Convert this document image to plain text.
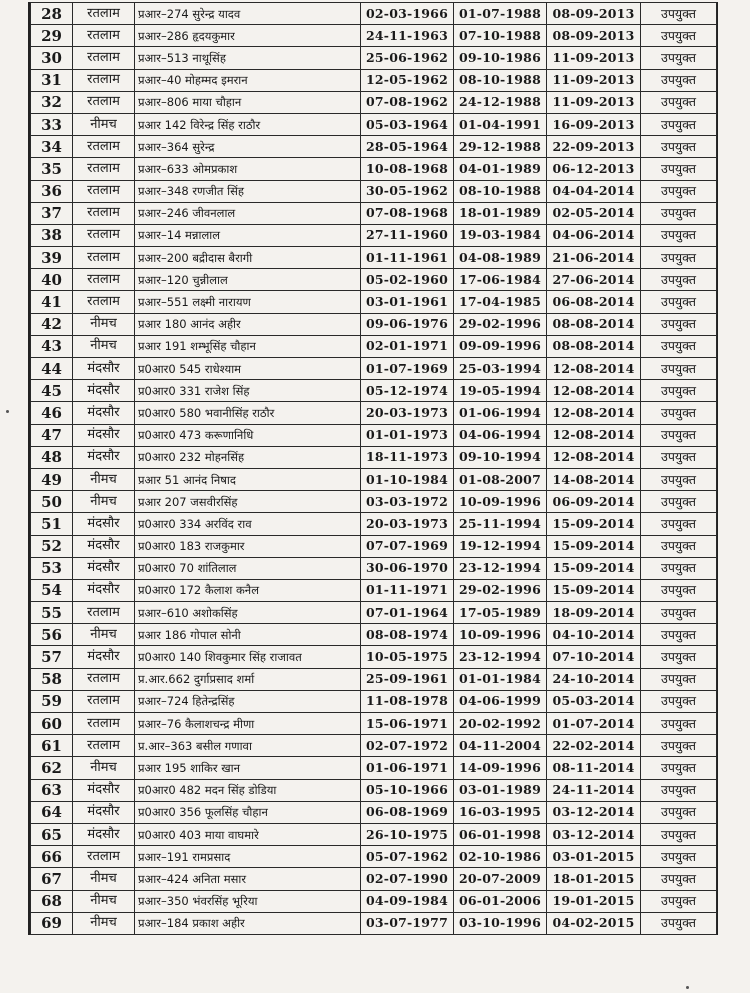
28	रतलाम	प्रआर–274 सुरेन्द्र यादव	02-03-1966	01-07-1988	08-09-2013	उपयुक्त
29	रतलाम	प्रआर–286 हृदयकुमार	24-11-1963	07-10-1988	08-09-2013	उपयुक्त
30	रतलाम	प्रआर–513 नाथूसिंह	25-06-1962	09-10-1986	11-09-2013	उपयुक्त
31	रतलाम	प्रआर–40 मोहम्मद इमरान	12-05-1962	08-10-1988	11-09-2013	उपयुक्त
32	रतलाम	प्रआर–806 माया चौहान	07-08-1962	24-12-1988	11-09-2013	उपयुक्त
33	नीमच	प्रआर 142 विरेन्द्र सिंह राठौर	05-03-1964	01-04-1991	16-09-2013	उपयुक्त
34	रतलाम	प्रआर–364 सुरेन्द्र	28-05-1964	29-12-1988	22-09-2013	उपयुक्त
35	रतलाम	प्रआर–633 ओमप्रकाश	10-08-1968	04-01-1989	06-12-2013	उपयुक्त
36	रतलाम	प्रआर–348 रणजीत सिंह	30-05-1962	08-10-1988	04-04-2014	उपयुक्त
37	रतलाम	प्रआर–246 जीवनलाल	07-08-1968	18-01-1989	02-05-2014	उपयुक्त
38	रतलाम	प्रआर–14 मन्नालाल	27-11-1960	19-03-1984	04-06-2014	उपयुक्त
39	रतलाम	प्रआर–200 बद्रीदास बैरागी	01-11-1961	04-08-1989	21-06-2014	उपयुक्त
40	रतलाम	प्रआर–120 चुन्नीलाल	05-02-1960	17-06-1984	27-06-2014	उपयुक्त
41	रतलाम	प्रआर–551 लक्ष्मी नारायण	03-01-1961	17-04-1985	06-08-2014	उपयुक्त
42	नीमच	प्रआर 180 आनंद अहीर	09-06-1976	29-02-1996	08-08-2014	उपयुक्त
43	नीमच	प्रआर 191 शम्भूसिंह चौहान	02-01-1971	09-09-1996	08-08-2014	उपयुक्त
44	मंदसौर	प्र0आर0 545 राधेश्याम	01-07-1969	25-03-1994	12-08-2014	उपयुक्त
45	मंदसौर	प्र0आर0 331 राजेश सिंह	05-12-1974	19-05-1994	12-08-2014	उपयुक्त
46	मंदसौर	प्र0आर0 580 भवानीसिंह राठौर	20-03-1973	01-06-1994	12-08-2014	उपयुक्त
47	मंदसौर	प्र0आर0 473 करूणानिधि	01-01-1973	04-06-1994	12-08-2014	उपयुक्त
48	मंदसौर	प्र0आर0 232 मोहनसिंह	18-11-1973	09-10-1994	12-08-2014	उपयुक्त
49	नीमच	प्रआर 51 आनंद निषाद	01-10-1984	01-08-2007	14-08-2014	उपयुक्त
50	नीमच	प्रआर 207 जसवीरसिंह	03-03-1972	10-09-1996	06-09-2014	उपयुक्त
51	मंदसौर	प्र0आर0 334 अरविंद राव	20-03-1973	25-11-1994	15-09-2014	उपयुक्त
52	मंदसौर	प्र0आर0 183 राजकुमार	07-07-1969	19-12-1994	15-09-2014	उपयुक्त
53	मंदसौर	प्र0आर0 70 शांतिलाल	30-06-1970	23-12-1994	15-09-2014	उपयुक्त
54	मंदसौर	प्र0आर0 172 कैलाश कनैल	01-11-1971	29-02-1996	15-09-2014	उपयुक्त
55	रतलाम	प्रआर–610 अशोकसिंह	07-01-1964	17-05-1989	18-09-2014	उपयुक्त
56	नीमच	प्रआर 186 गोपाल सोनी	08-08-1974	10-09-1996	04-10-2014	उपयुक्त
57	मंदसौर	प्र0आर0 140 शिवकुमार सिंह राजावत	10-05-1975	23-12-1994	07-10-2014	उपयुक्त
58	रतलाम	प्र.आर.662 दुर्गाप्रसाद शर्मा	25-09-1961	01-01-1984	24-10-2014	उपयुक्त
59	रतलाम	प्रआर–724 हितेन्द्रसिंह	11-08-1978	04-06-1999	05-03-2014	उपयुक्त
60	रतलाम	प्रआर–76 कैलाशचन्द्र मीणा	15-06-1971	20-02-1992	01-07-2014	उपयुक्त
61	रतलाम	प्र.आर–363 बसील गणावा	02-07-1972	04-11-2004	22-02-2014	उपयुक्त
62	नीमच	प्रआर 195 शाकिर खान	01-06-1971	14-09-1996	08-11-2014	उपयुक्त
63	मंदसौर	प्र0आर0 482 मदन सिंह डोडिया	05-10-1966	03-01-1989	24-11-2014	उपयुक्त
64	मंदसौर	प्र0आर0 356 फूलसिंह चौहान	06-08-1969	16-03-1995	03-12-2014	उपयुक्त
65	मंदसौर	प्र0आर0 403 माया वाघमारे	26-10-1975	06-01-1998	03-12-2014	उपयुक्त
66	रतलाम	प्रआर–191 रामप्रसाद	05-07-1962	02-10-1986	03-01-2015	उपयुक्त
67	नीमच	प्रआर–424 अनिता मसार	02-07-1990	20-07-2009	18-01-2015	उपयुक्त
68	नीमच	प्रआर–350 भंवरसिंह भूरिया	04-09-1984	06-01-2006	19-01-2015	उपयुक्त
69	नीमच	प्रआर–184 प्रकाश अहीर	03-07-1977	03-10-1996	04-02-2015	उपयुक्त
